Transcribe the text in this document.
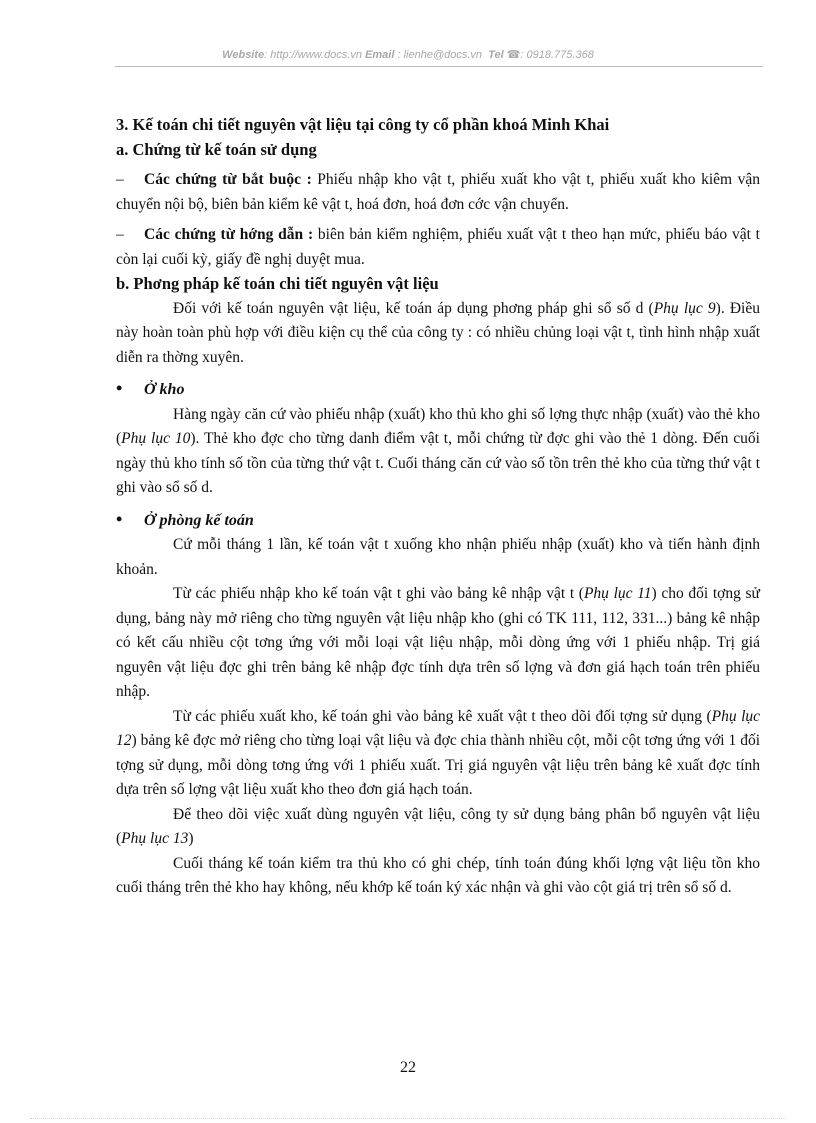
Website: http://www.docs.vn Email : lienhe@docs.vn Tel ☎: 0918.775.368

3. Kế toán chi tiết nguyên vật liệu tại công ty cổ phần khoá Minh Khai

a. Chứng từ kế toán sử dụng

– Các chứng từ bắt buộc : Phiếu nhập kho vật t, phiếu xuất kho vật t, phiếu xuất kho kiêm vận chuyển nội bộ, biên bản kiểm kê vật t, hoá đơn, hoá đơn cớc vận chuyển.

– Các chứng từ hớng dẫn : biên bản kiểm nghiệm, phiếu xuất vật t theo hạn mức, phiếu báo vật t còn lại cuối kỳ, giấy đề nghị duyệt mua.

b. Phơng pháp kế toán chi tiết nguyên vật liệu

Đối với kế toán nguyên vật liệu, kế toán áp dụng phơng pháp ghi sổ số d (Phụ lục 9). Điều này hoàn toàn phù hợp với điều kiện cụ thể của công ty : có nhiều chủng loại vật t, tình hình nhập xuất diễn ra thờng xuyên.

• Ở kho

Hàng ngày căn cứ vào phiếu nhập (xuất) kho thủ kho ghi số lợng thực nhập (xuất) vào thẻ kho (Phụ lục 10). Thẻ kho đợc cho từng danh điểm vật t, mỗi chứng từ đợc ghi vào thẻ 1 dòng. Đến cuối ngày thủ kho tính số tồn của từng thứ vật t. Cuối tháng căn cứ vào số tồn trên thẻ kho của từng thứ vật t ghi vào sổ số d.

• Ở phòng kế toán

Cứ mỗi tháng 1 lần, kế toán vật t xuống kho nhận phiếu nhập (xuất) kho và tiến hành định khoản.

Từ các phiếu nhập kho kế toán vật t ghi vào bảng kê nhập vật t (Phụ lục 11) cho đối tợng sử dụng, bảng này mở riêng cho từng nguyên vật liệu nhập kho (ghi có TK 111, 112, 331...) bảng kê nhập có kết cấu nhiều cột tơng ứng với mỗi loại vật liệu nhập, mỗi dòng ứng với 1 phiếu nhập. Trị giá nguyên vật liệu đợc ghi trên bảng kê nhập đợc tính dựa trên số lợng và đơn giá hạch toán trên phiếu nhập.

Từ các phiếu xuất kho, kế toán ghi vào bảng kê xuất vật t theo dõi đối tợng sử dụng (Phụ lục 12) bảng kê đợc mở riêng cho từng loại vật liệu và đợc chia thành nhiều cột, mỗi cột tơng ứng với 1 đối tợng sử dụng, mỗi dòng tơng ứng với 1 phiếu xuất. Trị giá nguyên vật liệu trên bảng kê xuất đợc tính dựa trên số lợng vật liệu xuất kho theo đơn giá hạch toán.

Để theo dõi việc xuất dùng nguyên vật liệu, công ty sử dụng bảng phân bổ nguyên vật liệu (Phụ lục 13)

Cuối tháng kế toán kiểm tra thủ kho có ghi chép, tính toán đúng khối lợng vật liệu tồn kho cuối tháng trên thẻ kho hay không, nếu khớp kế toán ký xác nhận và ghi vào cột giá trị trên sổ số d.

22
